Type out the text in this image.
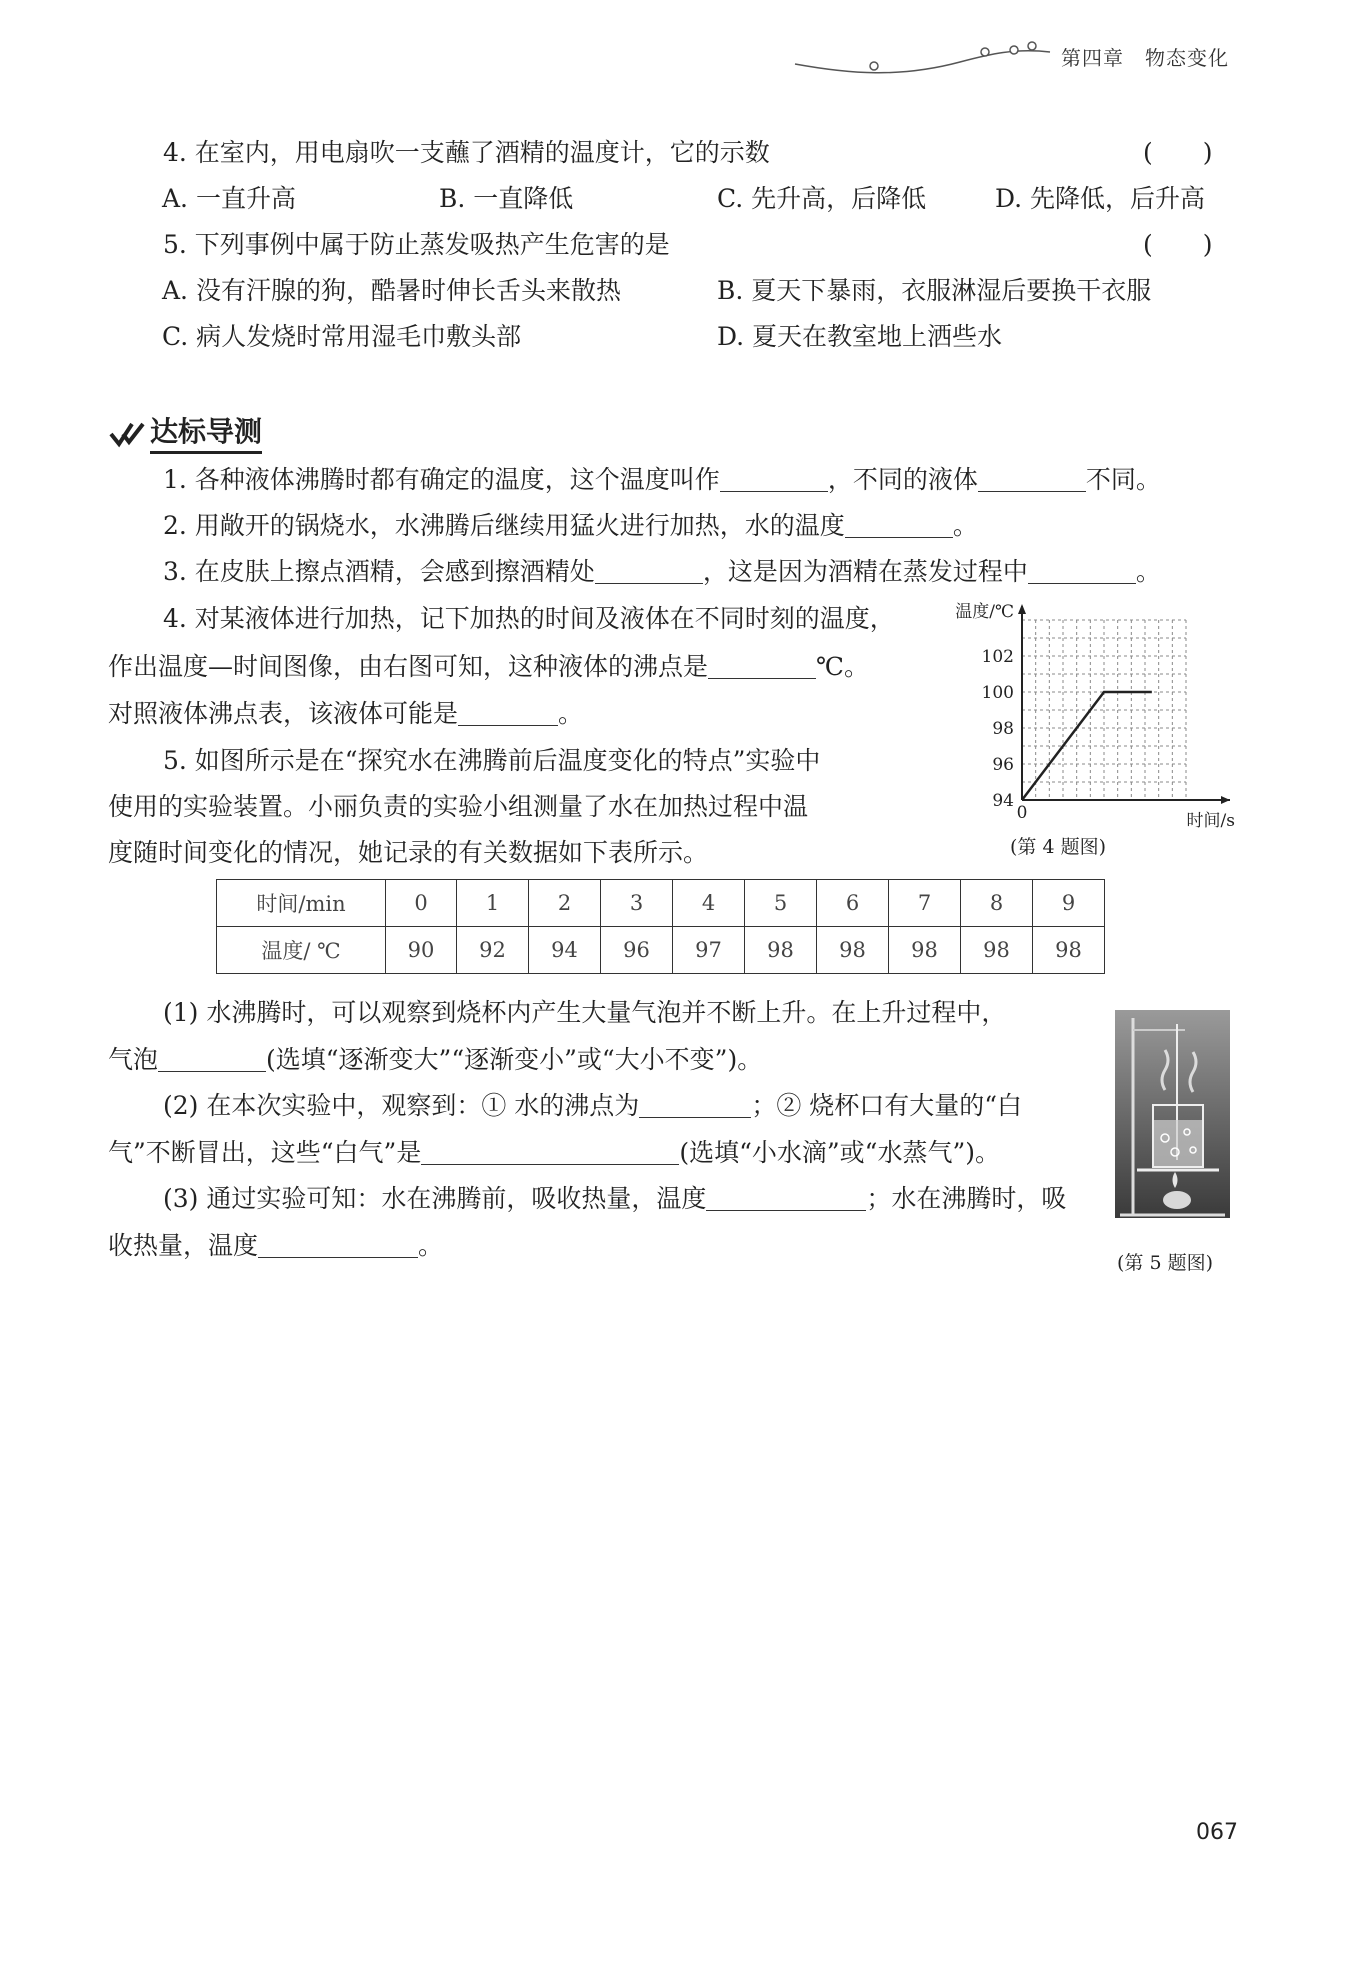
第四章　物态变化
4. 在室内，用电扇吹一支蘸了酒精的温度计，它的示数	(　　)
A. 一直升高	B. 一直降低	C. 先升高，后降低	D. 先降低，后升高
5. 下列事例中属于防止蒸发吸热产生危害的是	(　　)
A. 没有汗腺的狗，酷暑时伸长舌头来散热	B. 夏天下暴雨，衣服淋湿后要换干衣服
C. 病人发烧时常用湿毛巾敷头部	D. 夏天在教室地上洒些水
达标导测
1. 各种液体沸腾时都有确定的温度，这个温度叫作	，不同的液体	不同。
2. 用敞开的锅烧水，水沸腾后继续用猛火进行加热，水的温度	。
3. 在皮肤上擦点酒精，会感到擦酒精处	，这是因为酒精在蒸发过程中	。
4. 对某液体进行加热，记下加热的时间及液体在不同时刻的温度，
作出温度—时间图像，由右图可知，这种液体的沸点是	℃。
对照液体沸点表，该液体可能是	。
5. 如图所示是在“探究水在沸腾前后温度变化的特点”实验中
使用的实验装置。小丽负责的实验小组测量了水在加热过程中温
度随时间变化的情况，她记录的有关数据如下表所示。
94
96
98
100
102
0
温度/℃
时间/s
(第 4 题图)
时间/min	0	1	2	3	4	5	6	7	8	9
温度/ ℃	90	92	94	96	97	98	98	98	98	98
(1) 水沸腾时，可以观察到烧杯内产生大量气泡并不断上升。在上升过程中，
气泡	(选填“逐渐变大”“逐渐变小”或“大小不变”)。
(2) 在本次实验中，观察到：① 水的沸点为	；② 烧杯口有大量的“白
气”不断冒出，这些“白气”是	(选填“小水滴”或“水蒸气”)。
(3) 通过实验可知：水在沸腾前，吸收热量，温度	；水在沸腾时，吸
收热量，温度	。
(第 5 题图)
067
